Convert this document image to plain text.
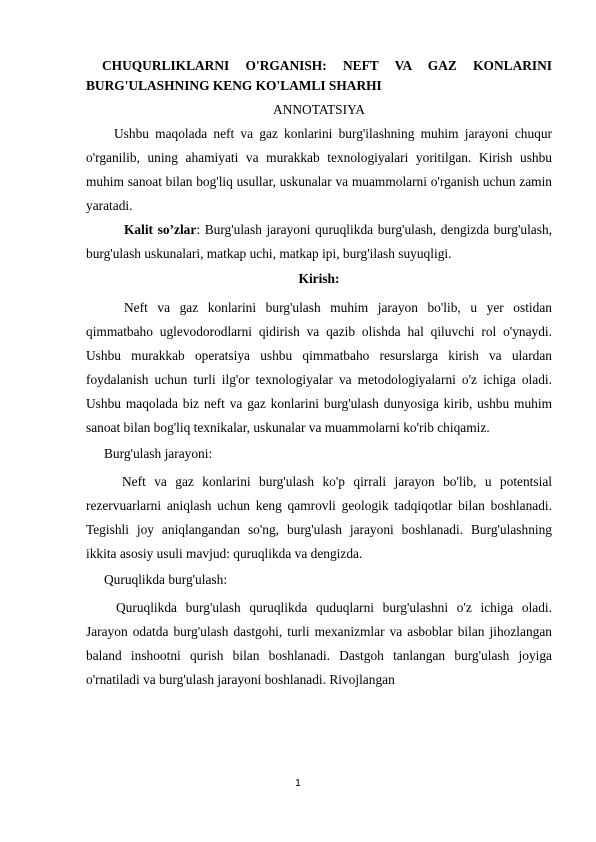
CHUQURLIKLARNI O'RGANISH: NEFT VA GAZ KONLARINI
BURG'ULASHNING KENG KO'LAMLI SHARHI

ANNOTATSIYA

Ushbu maqolada neft va gaz konlarini burg'ilashning muhim jarayoni chuqur o'rganilib, uning ahamiyati va murakkab texnologiyalari yoritilgan. Kirish ushbu muhim sanoat bilan bog'liq usullar, uskunalar va muammolarni o'rganish uchun zamin yaratadi.

Kalit so’zlar: Burg'ulash jarayoni quruqlikda burg'ulash, dengizda burg'ulash, burg'ulash uskunalari, matkap uchi, matkap ipi, burg'ilash suyuqligi.

Kirish:

Neft va gaz konlarini burg'ulash muhim jarayon bo'lib, u yer ostidan qimmatbaho uglevodorodlarni qidirish va qazib olishda hal qiluvchi rol o'ynaydi. Ushbu murakkab operatsiya ushbu qimmatbaho resurslarga kirish va ulardan foydalanish uchun turli ilg'or texnologiyalar va metodologiyalarni o'z ichiga oladi. Ushbu maqolada biz neft va gaz konlarini burg'ulash dunyosiga kirib, ushbu muhim sanoat bilan bog'liq texnikalar, uskunalar va muammolarni ko'rib chiqamiz.

Burg'ulash jarayoni:

Neft va gaz konlarini burg'ulash ko'p qirrali jarayon bo'lib, u potentsial rezervuarlarni aniqlash uchun keng qamrovli geologik tadqiqotlar bilan boshlanadi. Tegishli joy aniqlangandan so'ng, burg'ulash jarayoni boshlanadi. Burg'ulashning ikkita asosiy usuli mavjud: quruqlikda va dengizda.

Quruqlikda burg'ulash:

Quruqlikda burg'ulash quruqlikda quduqlarni burg'ulashni o'z ichiga oladi. Jarayon odatda burg'ulash dastgohi, turli mexanizmlar va asboblar bilan jihozlangan baland inshootni qurish bilan boshlanadi. Dastgoh tanlangan burg'ulash joyiga o'rnatiladi va burg'ulash jarayoni boshlanadi. Rivojlangan

1
